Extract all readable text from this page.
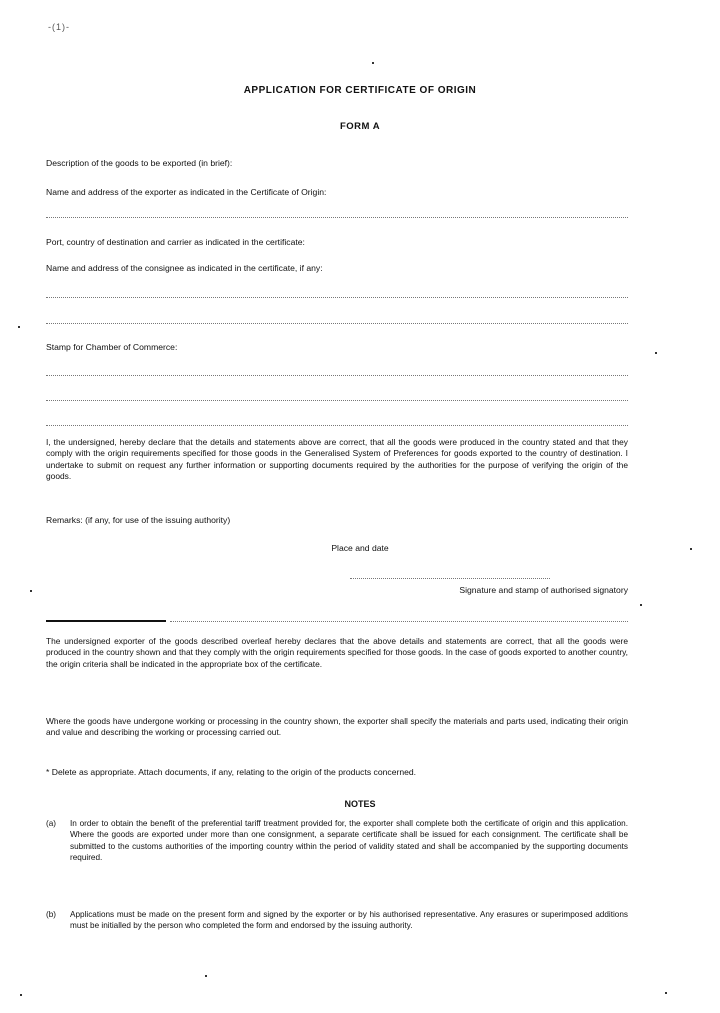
-(1)-
APPLICATION FOR CERTIFICATE OF ORIGIN
FORM A
Description of the goods to be exported (in brief):
Name and address of the exporter as indicated in the Certificate of Origin:
Port, country of destination and carrier as indicated in the certificate:
Name and address of the consignee as indicated in the certificate, if any:
Stamp for Chamber of Commerce:
I, the undersigned, hereby declare that the details and statements above are correct, that all the goods were produced in the country stated and that they comply with the origin requirements specified for those goods in the Generalised System of Preferences for goods exported to the country of destination. I undertake to submit on request any further information or supporting documents required by the authorities for the purpose of verifying the origin of the goods.
Remarks: (if any, for use of the issuing authority)
Place and date
Signature and stamp of authorised signatory
The undersigned exporter of the goods described overleaf hereby declares that the above details and statements are correct, that all the goods were produced in the country shown and that they comply with the origin requirements specified for those goods. In the case of goods exported to another country, the origin criteria shall be indicated in the appropriate box of the certificate.
Where the goods have undergone working or processing in the country shown, the exporter shall specify the materials and parts used, indicating their origin and value and describing the working or processing carried out.
* Delete as appropriate. Attach documents, if any, relating to the origin of the products concerned.
NOTES
(a) In order to obtain the benefit of the preferential tariff treatment provided for, the exporter shall complete both the certificate of origin and this application. Where the goods are exported under more than one consignment, a separate certificate shall be issued for each consignment. The certificate shall be submitted to the customs authorities of the importing country within the period of validity stated and shall be accompanied by the supporting documents required.
(b) Applications must be made on the present form and signed by the exporter or by his authorised representative. Any erasures or superimposed additions must be initialled by the person who completed the form and endorsed by the issuing authority.
